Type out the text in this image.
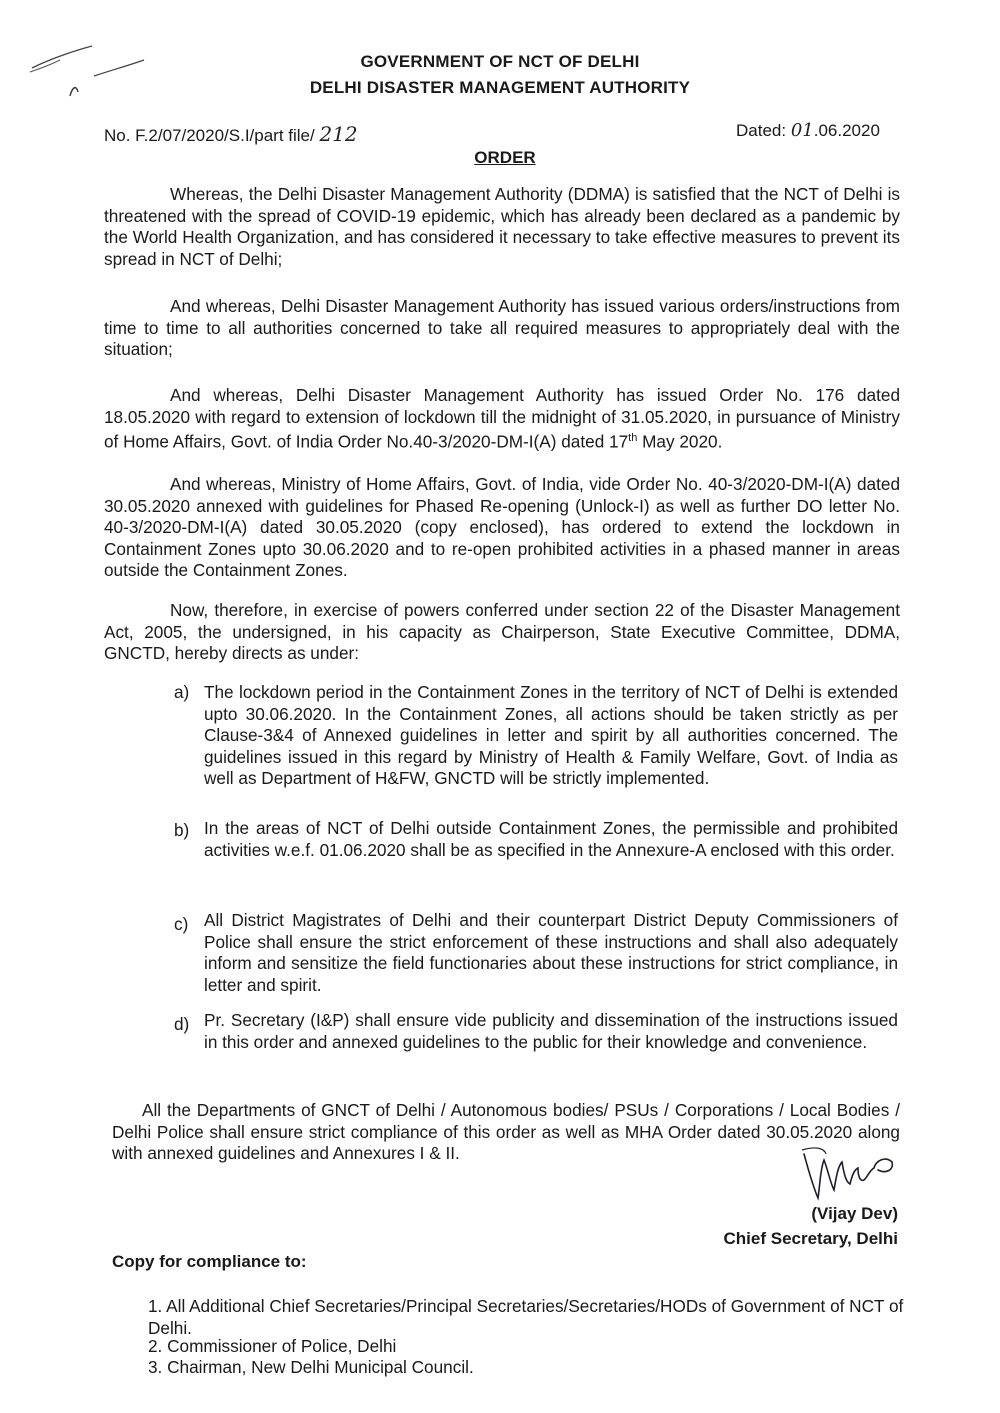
GOVERNMENT OF NCT OF DELHI
DELHI DISASTER MANAGEMENT AUTHORITY
No. F.2/07/2020/S.I/part file/ 212	Dated: 01.06.2020
ORDER
Whereas, the Delhi Disaster Management Authority (DDMA) is satisfied that the NCT of Delhi is threatened with the spread of COVID-19 epidemic, which has already been declared as a pandemic by the World Health Organization, and has considered it necessary to take effective measures to prevent its spread in NCT of Delhi;
And whereas, Delhi Disaster Management Authority has issued various orders/instructions from time to time to all authorities concerned to take all required measures to appropriately deal with the situation;
And whereas, Delhi Disaster Management Authority has issued Order No. 176 dated 18.05.2020 with regard to extension of lockdown till the midnight of 31.05.2020, in pursuance of Ministry of Home Affairs, Govt. of India Order No.40-3/2020-DM-I(A) dated 17th May 2020.
And whereas, Ministry of Home Affairs, Govt. of India, vide Order No. 40-3/2020-DM-I(A) dated 30.05.2020 annexed with guidelines for Phased Re-opening (Unlock-I) as well as further DO letter No. 40-3/2020-DM-I(A) dated 30.05.2020 (copy enclosed), has ordered to extend the lockdown in Containment Zones upto 30.06.2020 and to re-open prohibited activities in a phased manner in areas outside the Containment Zones.
Now, therefore, in exercise of powers conferred under section 22 of the Disaster Management Act, 2005, the undersigned, in his capacity as Chairperson, State Executive Committee, DDMA, GNCTD, hereby directs as under:
a) The lockdown period in the Containment Zones in the territory of NCT of Delhi is extended upto 30.06.2020. In the Containment Zones, all actions should be taken strictly as per Clause-3&4 of Annexed guidelines in letter and spirit by all authorities concerned. The guidelines issued in this regard by Ministry of Health & Family Welfare, Govt. of India as well as Department of H&FW, GNCTD will be strictly implemented.
b) In the areas of NCT of Delhi outside Containment Zones, the permissible and prohibited activities w.e.f. 01.06.2020 shall be as specified in the Annexure-A enclosed with this order.
c) All District Magistrates of Delhi and their counterpart District Deputy Commissioners of Police shall ensure the strict enforcement of these instructions and shall also adequately inform and sensitize the field functionaries about these instructions for strict compliance, in letter and spirit.
d) Pr. Secretary (I&P) shall ensure vide publicity and dissemination of the instructions issued in this order and annexed guidelines to the public for their knowledge and convenience.
All the Departments of GNCT of Delhi / Autonomous bodies/ PSUs / Corporations / Local Bodies / Delhi Police shall ensure strict compliance of this order as well as MHA Order dated 30.05.2020 along with annexed guidelines and Annexures I & II.
(Vijay Dev)
Chief Secretary, Delhi
Copy for compliance to:
1. All Additional Chief Secretaries/Principal Secretaries/Secretaries/HODs of Government of NCT of Delhi.
2. Commissioner of Police, Delhi
3. Chairman, New Delhi Municipal Council.
